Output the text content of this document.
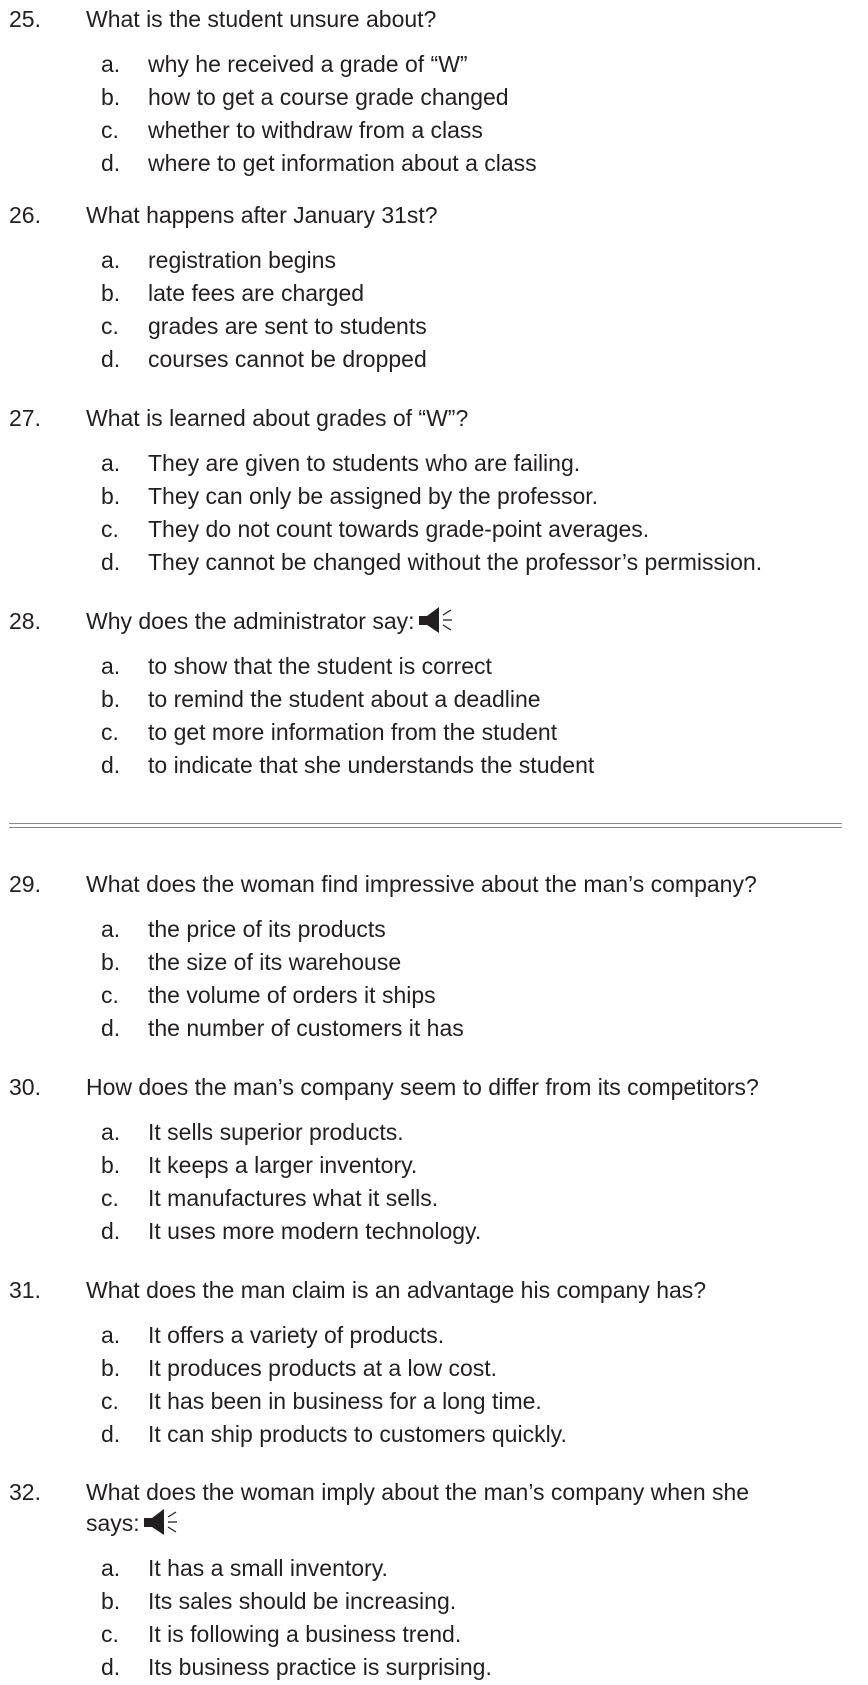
25. What is the student unsure about?
a. why he received a grade of “W”
b. how to get a course grade changed
c. whether to withdraw from a class
d. where to get information about a class
26. What happens after January 31st?
a. registration begins
b. late fees are charged
c. grades are sent to students
d. courses cannot be dropped
27. What is learned about grades of “W”?
a. They are given to students who are failing.
b. They can only be assigned by the professor.
c. They do not count towards grade-point averages.
d. They cannot be changed without the professor’s permission.
28. Why does the administrator say:
a. to show that the student is correct
b. to remind the student about a deadline
c. to get more information from the student
d. to indicate that she understands the student
29. What does the woman find impressive about the man’s company?
a. the price of its products
b. the size of its warehouse
c. the volume of orders it ships
d. the number of customers it has
30. How does the man’s company seem to differ from its competitors?
a. It sells superior products.
b. It keeps a larger inventory.
c. It manufactures what it sells.
d. It uses more modern technology.
31. What does the man claim is an advantage his company has?
a. It offers a variety of products.
b. It produces products at a low cost.
c. It has been in business for a long time.
d. It can ship products to customers quickly.
32. What does the woman imply about the man’s company when she
says:
a. It has a small inventory.
b. Its sales should be increasing.
c. It is following a business trend.
d. Its business practice is surprising.
